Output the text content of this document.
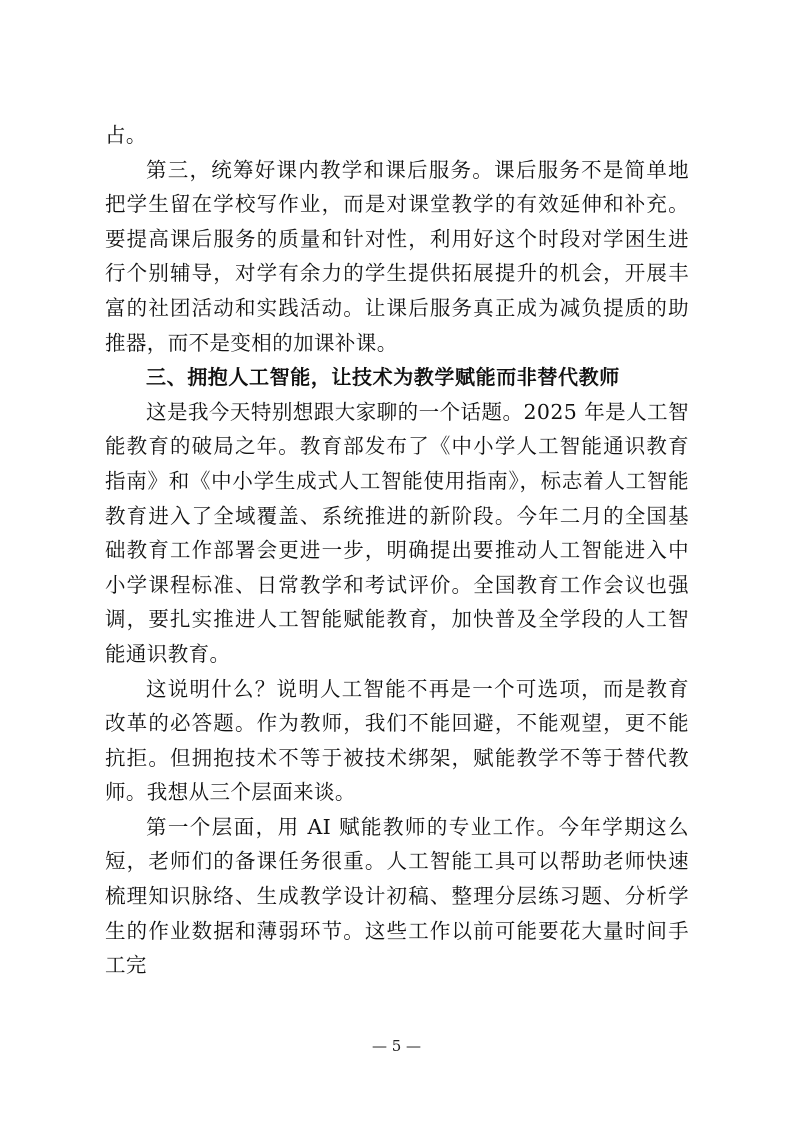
占。

第三，统筹好课内教学和课后服务。课后服务不是简单地把学生留在学校写作业，而是对课堂教学的有效延伸和补充。要提高课后服务的质量和针对性，利用好这个时段对学困生进行个别辅导，对学有余力的学生提供拓展提升的机会，开展丰富的社团活动和实践活动。让课后服务真正成为减负提质的助推器，而不是变相的加课补课。

三、拥抱人工智能，让技术为教学赋能而非替代教师

这是我今天特别想跟大家聊的一个话题。2025 年是人工智能教育的破局之年。教育部发布了《中小学人工智能通识教育指南》和《中小学生成式人工智能使用指南》，标志着人工智能教育进入了全域覆盖、系统推进的新阶段。今年二月的全国基础教育工作部署会更进一步，明确提出要推动人工智能进入中小学课程标准、日常教学和考试评价。全国教育工作会议也强调，要扎实推进人工智能赋能教育，加快普及全学段的人工智能通识教育。

这说明什么？说明人工智能不再是一个可选项，而是教育改革的必答题。作为教师，我们不能回避，不能观望，更不能抗拒。但拥抱技术不等于被技术绑架，赋能教学不等于替代教师。我想从三个层面来谈。

第一个层面，用 AI 赋能教师的专业工作。今年学期这么短，老师们的备课任务很重。人工智能工具可以帮助老师快速梳理知识脉络、生成教学设计初稿、整理分层练习题、分析学生的作业数据和薄弱环节。这些工作以前可能要花大量时间手工完

— 5 —
